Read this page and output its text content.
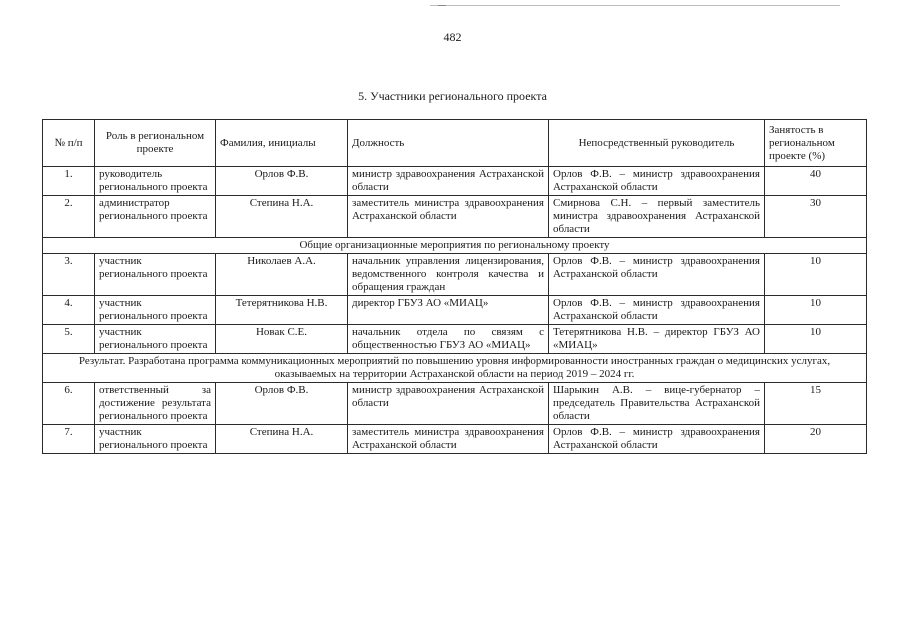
482
5. Участники регионального проекта
№ п/п	Роль в региональном проекте	Фамилия, инициалы	Должность	Непосредственный руководитель	Занятость в региональном проекте (%)
1.	руководитель регионального проекта	Орлов Ф.В.	министр здравоохранения Астраханской области	Орлов Ф.В. – министр здравоохранения Астраханской области	40
2.	администратор регионального проекта	Степина Н.А.	заместитель министра здравоохранения Астраханской области	Смирнова С.Н. – первый заместитель министра здравоохранения Астраханской области	30
Общие организационные мероприятия по региональному проекту					
3.	участник регионального проекта	Николаев А.А.	начальник управления лицензирования, ведомственного контроля качества и обращения граждан	Орлов Ф.В. – министр здравоохранения Астраханской области	10
4.	участник регионального проекта	Тетерятникова Н.В.	директор ГБУЗ АО «МИАЦ»	Орлов Ф.В. – министр здравоохранения Астраханской области	10
5.	участник регионального проекта	Новак С.Е.	начальник отдела по связям с общественностью ГБУЗ АО «МИАЦ»	Тетерятникова Н.В. – директор ГБУЗ АО «МИАЦ»	10
Результат. Разработана программа коммуникационных мероприятий по повышению уровня информированности иностранных граждан о медицинских услугах, оказываемых на территории Астраханской области на период 2019 – 2024 гг.					
6.	ответственный за достижение результата регионального проекта	Орлов Ф.В.	министр здравоохранения Астраханской области	Шарыкин А.В. – вице-губернатор – председатель Правительства Астраханской области	15
7.	участник регионального проекта	Степина Н.А.	заместитель министра здравоохранения Астраханской области	Орлов Ф.В. – министр здравоохранения Астраханской области	20
